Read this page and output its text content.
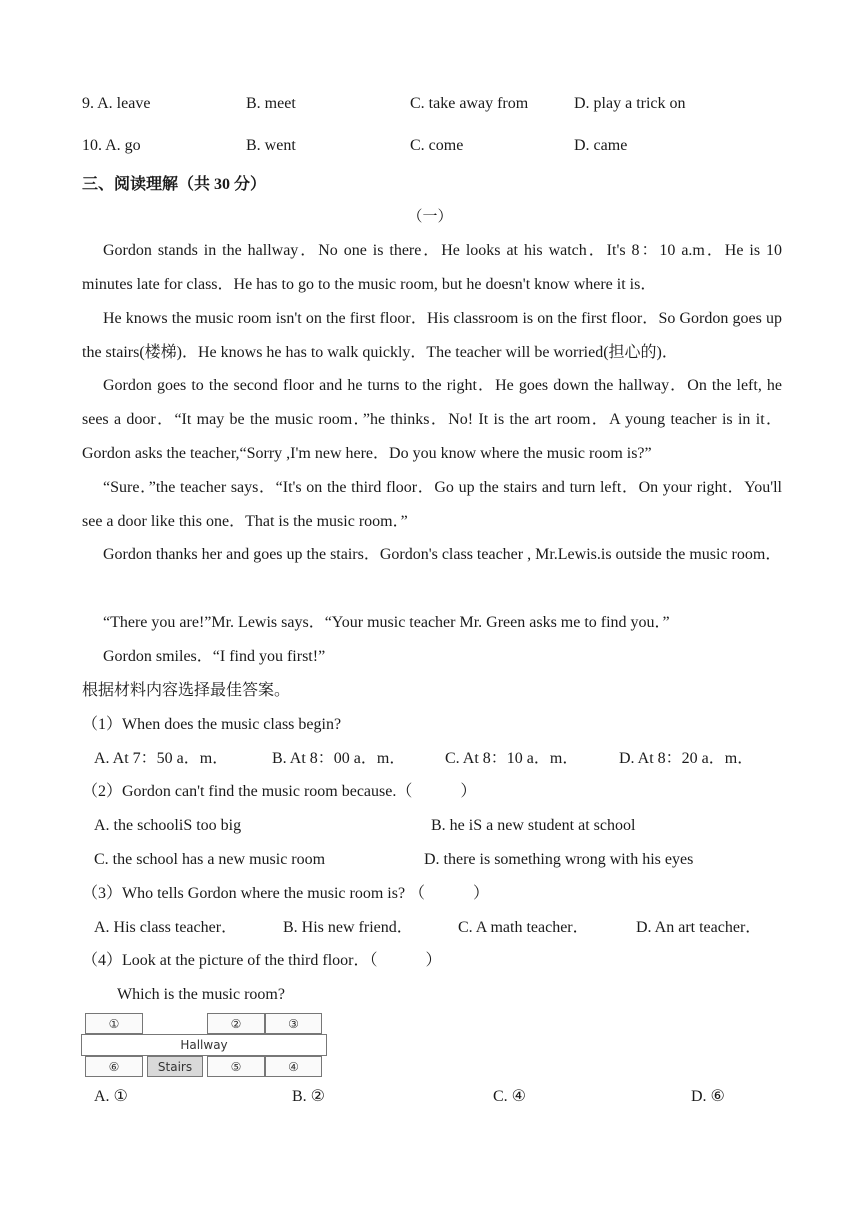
9. A. leave	B. meet	C. take away from	D. play a trick on
10. A. go	B. went	C. come	D. came
三、阅读理解（共 30 分）
（一）
Gordon stands in the hallway．No one is there．He looks at his watch．It's 8：10 a.m．He is 10 minutes late for class．He has to go to the music room, but he doesn't know where it is．
He knows the music room isn't on the first floor．His classroom is on the first floor．So Gordon goes up the stairs(楼梯)．He knows he has to walk quickly．The teacher will be worried(担心的)．
Gordon goes to the second floor and he turns to the right．He goes down the hallway．On the left, he sees a door．“It may be the music room．”he thinks．No! It is the art room．A young teacher is in it．Gordon asks the teacher,“Sorry ,I'm new here．Do you know where the music room is?”
“Sure．”the teacher says．“It's on the third floor．Go up the stairs and turn left．On your right．You'll see a door like this one．That is the music room．”
Gordon thanks her and goes up the stairs．Gordon's class teacher , Mr.Lewis.is outside the music room．
“There you are!”Mr. Lewis says．“Your music teacher Mr. Green asks me to find you．”
Gordon smiles．“I find you first!”
根据材料内容选择最佳答案。
（1）When does the music class begin?
A. At 7：50 a．m．	B. At 8：00 a．m． C. At 8：10 a．m．	D. At 8：20 a．m．
（2）Gordon can't find the music room because.（　　　）
A. the schooliS too big	B. he iS a new student at school
C. the school has a new music room	D. there is something wrong with his eyes
（3）Who tells Gordon where the music room is? （　　　）
A. His class teacher．	B. His new friend．	C. A math teacher．	D. An art teacher．
（4）Look at the picture of the third floor．（　　　）
Which is the music room?
①	②	③
Hallway
⑥	Stairs	⑤	④
A. ①	B. ②	C. ④	D. ⑥
